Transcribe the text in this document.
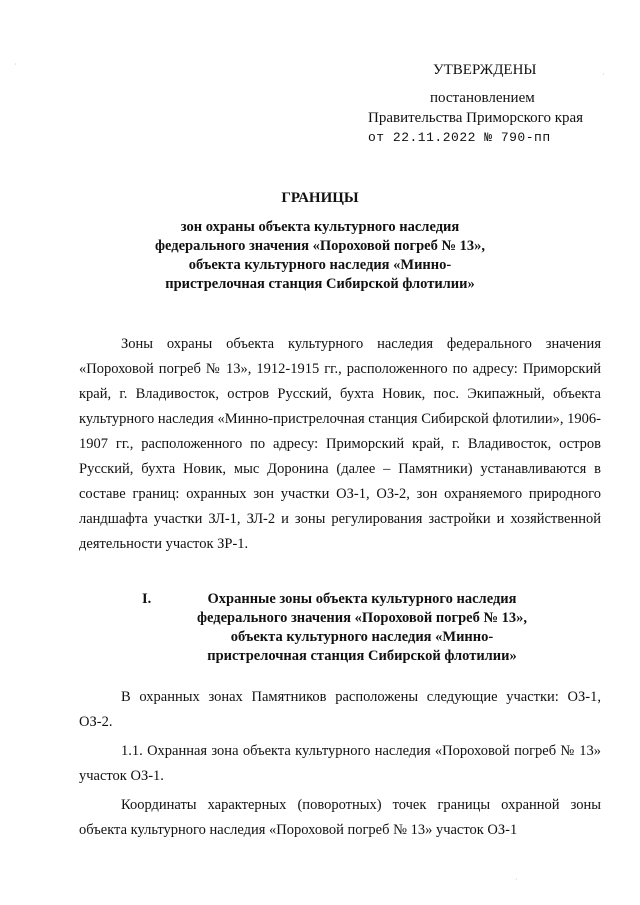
УТВЕРЖДЕНЫ
постановлением
Правительства Приморского края
от 22.11.2022 № 790-пп
ГРАНИЦЫ
зон охраны объекта культурного наследия федерального значения «Пороховой погреб № 13», объекта культурного наследия «Минно-пристрелочная станция Сибирской флотилии»
Зоны охраны объекта культурного наследия федерального значения «Пороховой погреб № 13», 1912-1915 гг., расположенного по адресу: Приморский край, г. Владивосток, остров Русский, бухта Новик, пос. Экипажный, объекта культурного наследия «Минно-пристрелочная станция Сибирской флотилии», 1906-1907 гг., расположенного по адресу: Приморский край, г. Владивосток, остров Русский, бухта Новик, мыс Доронина (далее – Памятники) устанавливаются в составе границ: охранных зон участки ОЗ-1, ОЗ-2, зон охраняемого природного ландшафта участки ЗЛ-1, ЗЛ-2 и зоны регулирования застройки и хозяйственной деятельности участок ЗР-1.
I.	Охранные зоны объекта культурного наследия федерального значения «Пороховой погреб № 13», объекта культурного наследия «Минно-пристрелочная станция Сибирской флотилии»
В охранных зонах Памятников расположены следующие участки: ОЗ-1, ОЗ-2.
1.1. Охранная зона объекта культурного наследия «Пороховой погреб № 13» участок ОЗ-1.
Координаты характерных (поворотных) точек границы охранной зоны объекта культурного наследия «Пороховой погреб № 13» участок ОЗ-1
·
·
·
